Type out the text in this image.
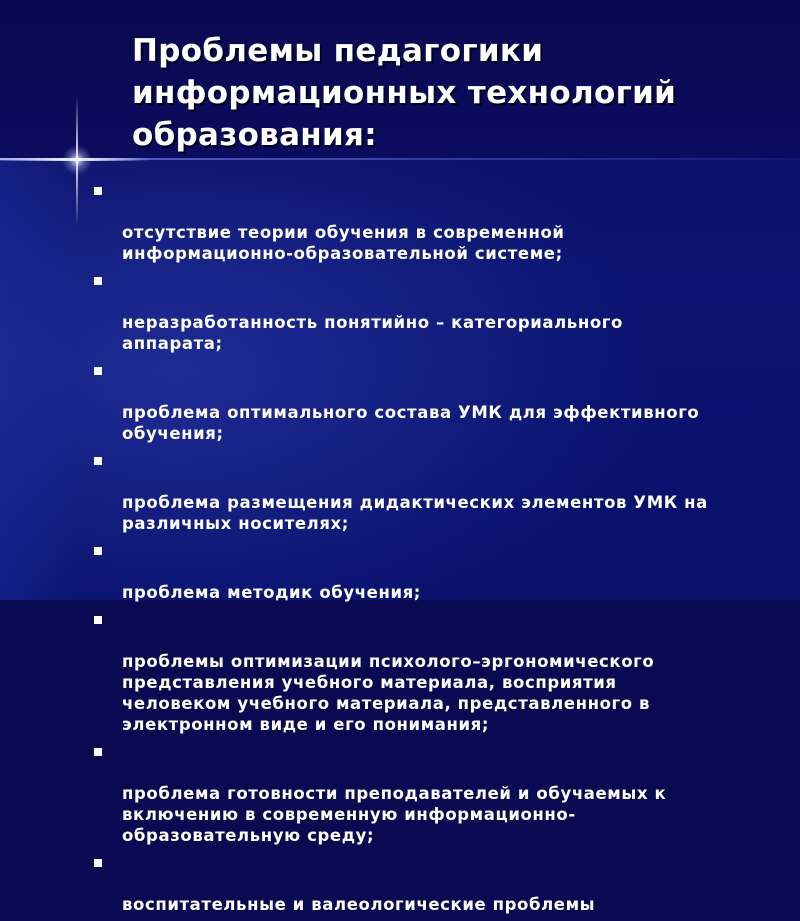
Проблемы педагогики
информационных технологий
образования:

отсутствие теории обучения в современной
информационно-образовательной системе;

неразработанность понятийно – категориального
аппарата;

проблема оптимального состава УМК для эффективного
обучения;

проблема размещения дидактических элементов УМК на
различных носителях;

проблема методик обучения;

проблемы оптимизации психолого–эргономического
представления учебного материала, восприятия
человеком учебного материала, представленного в
электронном виде и его понимания;

проблема готовности преподавателей и обучаемых к
включению в современную информационно-
образовательную среду;

воспитательные и валеологические проблемы
